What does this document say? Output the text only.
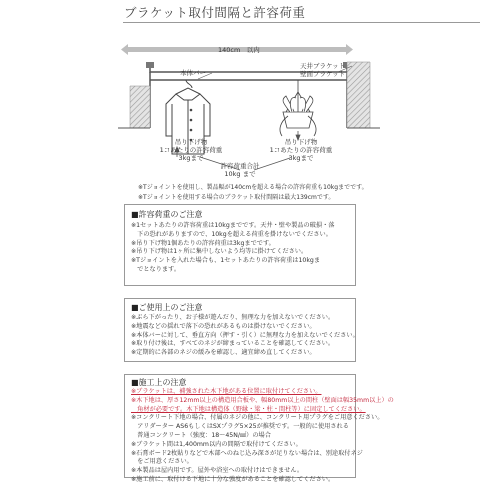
ブラケット取付間隔と許容荷重
140cm　以内
本体バー
天井ブラケット
壁面ブラケット
吊り下げ物
1コあたりの許容荷重
3kgまで
吊り下げ物
1コあたりの許容荷重
3kgまで
許容荷重合計
10kg まで
※Tジョイントを使用し、製品幅が140cmを超える場合の許容荷重も10kgまでです。
※Tジョイントを使用する場合のブラケット取付間隔は最大139cmです。
■許容荷重のご注意
※1セットあたりの許容荷重は10kgまでです。天井・壁や製品の破損・落
　下の恐れがありますので、10kgを超える荷重を掛けないでください。
※吊り下げ物1個あたりの許容荷重は3kgまでです。
※吊り下げ物は1ヶ所に集中しないよう均等に掛けてください。
※Tジョイントを入れた場合も、1セットあたりの許容荷重は10kgま
　でとなります。
■ご使用上のご注意
※ぶら下がったり、お子様が遊んだり、無理な力を加えないでください。
※地震などの揺れで落下の恐れがあるものは掛けないでください。
※本体バーに対して、垂直方向（押す・引く）に無理な力を加えないでください。
※取り付け後は、すべてのネジが締まっていることを確認してください。
※定期的に各部のネジの緩みを確認し、適宜締め直してください。
■施工上の注意
※ブラケットは、補強された木下地がある位置に取付けてください。
※木下地は、厚さ12mm以上の構造用合板や、幅80mm以上の間柱（壁面は幅35mm以上）の
　角材が必要です。木下地は構造体（野縁・梁・柱・間柱等）に固定してください。
※コンクリート下地の場合、付属のネジの他に、コンクリート用プラグをご用意ください。
　アリダーター AS6もしくはSXプラグ5×25が推奨です。一般的に使用される
　普通コンクリート（強度：18〜45N/㎟）の場合
※ブラケット間は1,400mm以内の間隔で取付けてください。
※石膏ボード2枚貼りなどで木部へのねじ込み深さが足りない場合は、別途取付ネジ
　をご用意ください。
※本製品は屋内用です。屋外や浴室への取付けはできません。
※施工前に、取付ける下地に十分な強度があることを確認してください。
